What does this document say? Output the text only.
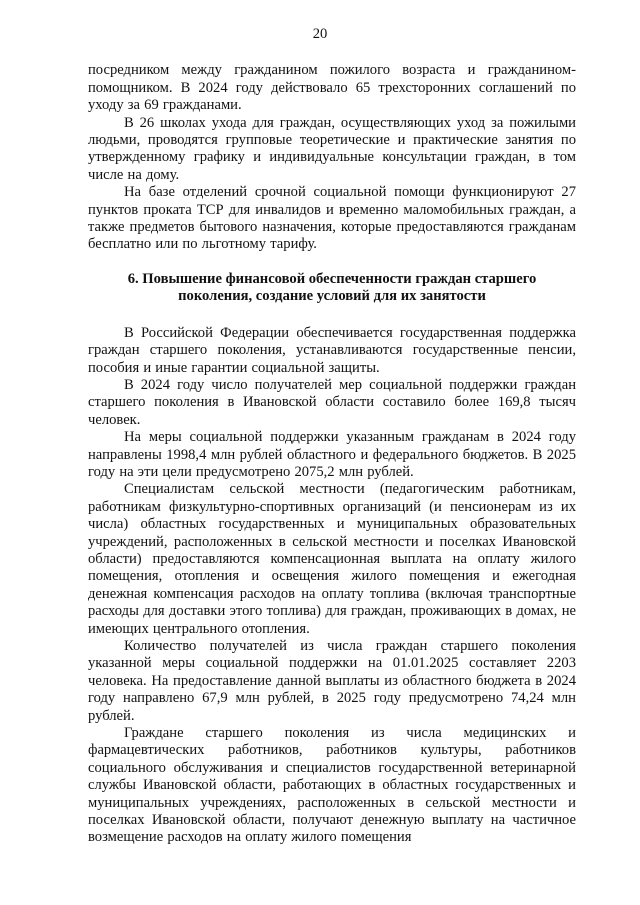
20

посредником между гражданином пожилого возраста и гражданином-помощником. В 2024 году действовало 65 трехсторонних соглашений по уходу за 69 гражданами.

В 26 школах ухода для граждан, осуществляющих уход за пожилыми людьми, проводятся групповые теоретические и практические занятия по утвержденному графику и индивидуальные консультации граждан, в том числе на дому.

На базе отделений срочной социальной помощи функционируют 27 пунктов проката ТСР для инвалидов и временно маломобильных граждан, а также предметов бытового назначения, которые предоставляются гражданам бесплатно или по льготному тарифу.

6. Повышение финансовой обеспеченности граждан старшего поколения, создание условий для их занятости

В Российской Федерации обеспечивается государственная поддержка граждан старшего поколения, устанавливаются государственные пенсии, пособия и иные гарантии социальной защиты.

В 2024 году число получателей мер социальной поддержки граждан старшего поколения в Ивановской области составило более 169,8 тысяч человек.

На меры социальной поддержки указанным гражданам в 2024 году направлены 1998,4 млн рублей областного и федерального бюджетов. В 2025 году на эти цели предусмотрено 2075,2 млн рублей.

Специалистам сельской местности (педагогическим работникам, работникам физкультурно-спортивных организаций (и пенсионерам из их числа) областных государственных и муниципальных образовательных учреждений, расположенных в сельской местности и поселках Ивановской области) предоставляются компенсационная выплата на оплату жилого помещения, отопления и освещения жилого помещения и ежегодная денежная компенсация расходов на оплату топлива (включая транспортные расходы для доставки этого топлива) для граждан, проживающих в домах, не имеющих центрального отопления.

Количество получателей из числа граждан старшего поколения указанной меры социальной поддержки на 01.01.2025 составляет 2203 человека. На предоставление данной выплаты из областного бюджета в 2024 году направлено 67,9 млн рублей, в 2025 году предусмотрено 74,24 млн рублей.

Граждане старшего поколения из числа медицинских и фармацевтических работников, работников культуры, работников социального обслуживания и специалистов государственной ветеринарной службы Ивановской области, работающих в областных государственных и муниципальных учреждениях, расположенных в сельской местности и поселках Ивановской области, получают денежную выплату на частичное возмещение расходов на оплату жилого помещения
